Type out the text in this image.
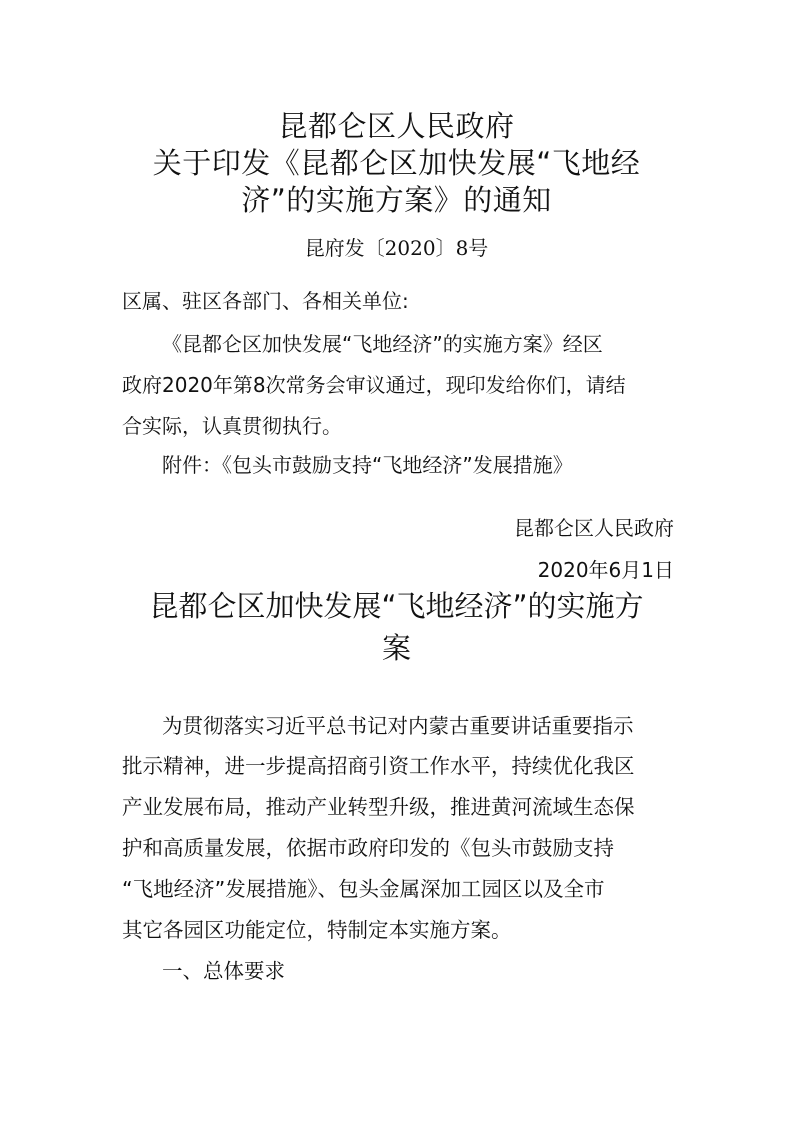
昆都仑区人民政府
关于印发《昆都仑区加快发展“飞地经
济”的实施方案》的通知
昆府发〔2020〕8号
区属、驻区各部门、各相关单位:
《昆都仑区加快发展“飞地经济”的实施方案》经区
政府2020年第8次常务会审议通过，现印发给你们，请结
合实际，认真贯彻执行。
附件：《包头市鼓励支持“飞地经济”发展措施》
昆都仑区人民政府
2020年6月1日
昆都仑区加快发展“飞地经济”的实施方
案
为贯彻落实习近平总书记对内蒙古重要讲话重要指示
批示精神，进一步提高招商引资工作水平，持续优化我区
产业发展布局，推动产业转型升级，推进黄河流域生态保
护和高质量发展，依据市政府印发的《包头市鼓励支持
“飞地经济”发展措施》、包头金属深加工园区以及全市
其它各园区功能定位，特制定本实施方案。
一、总体要求
